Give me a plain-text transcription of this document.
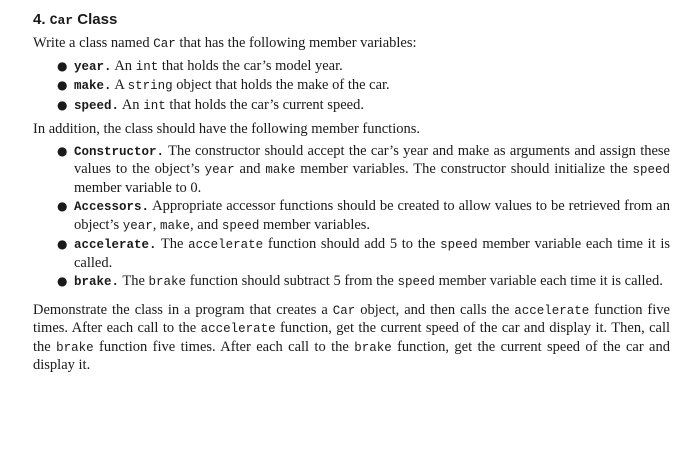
4. Car Class

Write a class named Car that has the following member variables:

● year. An int that holds the car’s model year.
● make. A string object that holds the make of the car.
● speed. An int that holds the car’s current speed.

In addition, the class should have the following member functions.

● Constructor. The constructor should accept the car’s year and make as arguments and assign these values to the object’s year and make member variables. The constructor should initialize the speed member variable to 0.
● Accessors. Appropriate accessor functions should be created to allow values to be retrieved from an object’s year, make, and speed member variables.
● accelerate. The accelerate function should add 5 to the speed member variable each time it is called.
● brake. The brake function should subtract 5 from the speed member variable each time it is called.

Demonstrate the class in a program that creates a Car object, and then calls the accelerate function five times. After each call to the accelerate function, get the current speed of the car and display it. Then, call the brake function five times. After each call to the brake function, get the current speed of the car and display it.
